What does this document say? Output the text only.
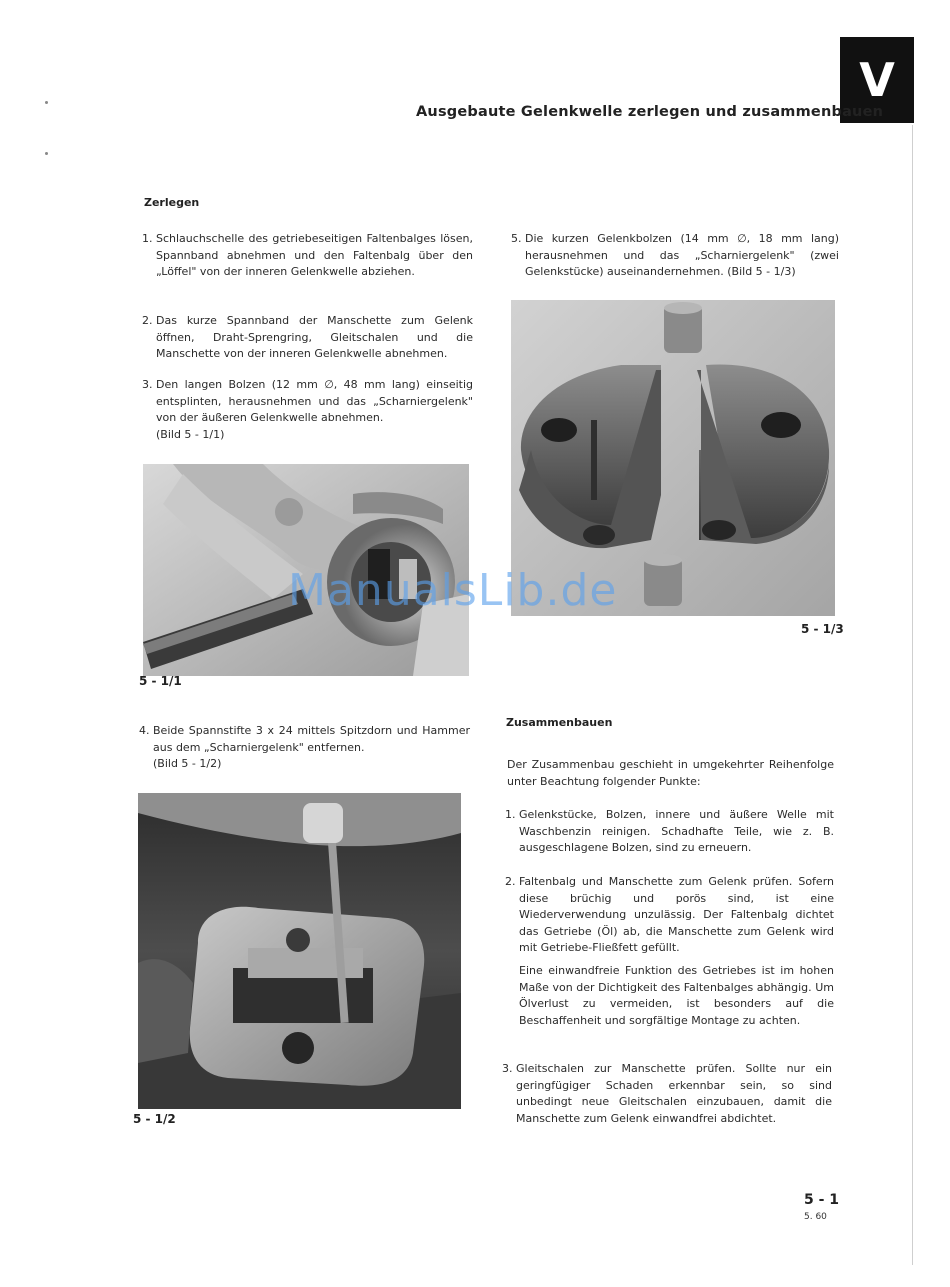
V
Ausgebaute Gelenkwelle zerlegen und zusammenbauen
Zerlegen
1. Schlauchschelle des getriebeseitigen Faltenbalges lösen, Spannband abnehmen und den Faltenbalg über den „Löffel" von der inneren Gelenkwelle abziehen.
2. Das kurze Spannband der Manschette zum Gelenk öffnen, Draht-Sprengring, Gleitschalen und die Manschette von der inneren Gelenkwelle abnehmen.
3. Den langen Bolzen (12 mm ∅, 48 mm lang) einseitig entsplinten, herausnehmen und das „Scharniergelenk" von der äußeren Gelenkwelle abnehmen.
(Bild 5 - 1/1)
5 - 1/1
4. Beide Spannstifte 3 x 24 mittels Spitzdorn und Hammer aus dem „Scharniergelenk" entfernen.
(Bild 5 - 1/2)
5 - 1/2
5. Die kurzen Gelenkbolzen (14 mm ∅, 18 mm lang) herausnehmen und das „Scharniergelenk" (zwei Gelenkstücke) auseinandernehmen. (Bild 5 - 1/3)
5 - 1/3
Zusammenbauen
Der Zusammenbau geschieht in umgekehrter Reihenfolge unter Beachtung folgender Punkte:
1. Gelenkstücke, Bolzen, innere und äußere Welle mit Waschbenzin reinigen. Schadhafte Teile, wie z. B. ausgeschlagene Bolzen, sind zu erneuern.
2. Faltenbalg und Manschette zum Gelenk prüfen. Sofern diese brüchig und porös sind, ist eine Wiederverwendung unzulässig. Der Faltenbalg dichtet das Getriebe (Öl) ab, die Manschette zum Gelenk wird mit Getriebe-Fließfett gefüllt.
Eine einwandfreie Funktion des Getriebes ist im hohen Maße von der Dichtigkeit des Faltenbalges abhängig. Um Ölverlust zu vermeiden, ist besonders auf die Beschaffenheit und sorgfältige Montage zu achten.
3. Gleitschalen zur Manschette prüfen. Sollte nur ein geringfügiger Schaden erkennbar sein, so sind unbedingt neue Gleitschalen einzubauen, damit die Manschette zum Gelenk einwandfrei abdichtet.
ManualsLib.de
5 - 1
5. 60
